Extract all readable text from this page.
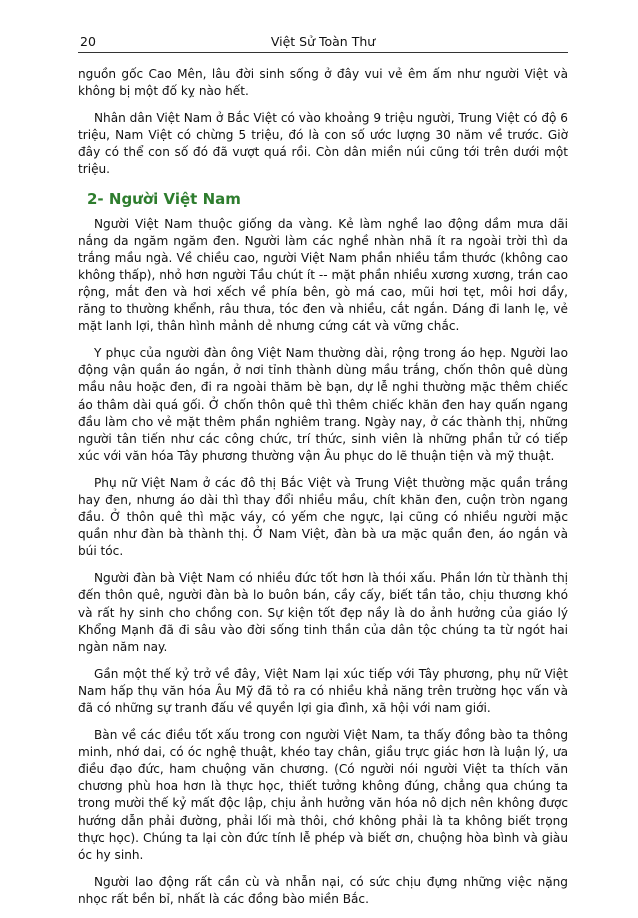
20	Việt Sử Toàn Thư

nguồn gốc Cao Mên, lâu đời sinh sống ở đây vui vẻ êm ấm như người Việt và không bị một đố kỵ nào hết.

Nhân dân Việt Nam ở Bắc Việt có vào khoảng 9 triệu người, Trung Việt có độ 6 triệu, Nam Việt có chừng 5 triệu, đó là con số ước lượng 30 năm về trước. Giờ đây có thể con số đó đã vượt quá rồi. Còn dân miền núi cũng tới trên dưới một triệu.

2- Người Việt Nam

Người Việt Nam thuộc giống da vàng. Kẻ làm nghề lao động dầm mưa dãi nắng da ngăm ngăm đen. Người làm các nghề nhàn nhã ít ra ngoài trời thì da trắng mầu ngà. Về chiều cao, người Việt Nam phần nhiều tầm thước (không cao không thấp), nhỏ hơn người Tầu chút ít -- mặt phần nhiều xương xương, trán cao rộng, mắt đen và hơi xếch về phía bên, gò má cao, mũi hơi tẹt, môi hơi dầy, răng to thường khểnh, râu thưa, tóc đen và nhiều, cắt ngắn. Dáng đi lanh lẹ, vẻ mặt lanh lợi, thân hình mảnh dẻ nhưng cứng cát và vững chắc.

Y phục của người đàn ông Việt Nam thường dài, rộng trong áo hẹp. Người lao động vận quần áo ngắn, ở nơi tỉnh thành dùng mầu trắng, chốn thôn quê dùng mầu nâu hoặc đen, đi ra ngoài thăm bè bạn, dự lễ nghi thường mặc thêm chiếc áo thâm dài quá gối. Ở chốn thôn quê thì thêm chiếc khăn đen hay quấn ngang đầu làm cho vẻ mặt thêm phần nghiêm trang. Ngày nay, ở các thành thị, những người tân tiến như các công chức, trí thức, sinh viên là những phần tử có tiếp xúc với văn hóa Tây phương thường vận Âu phục do lẽ thuận tiện và mỹ thuật.

Phụ nữ Việt Nam ở các đô thị Bắc Việt và Trung Việt thường mặc quần trắng hay đen, nhưng áo dài thì thay đổi nhiều mầu, chít khăn đen, cuộn tròn ngang đầu. Ở thôn quê thì mặc váy, có yếm che ngực, lại cũng có nhiều người mặc quần như đàn bà thành thị. Ở Nam Việt, đàn bà ưa mặc quần đen, áo ngắn và búi tóc.

Người đàn bà Việt Nam có nhiều đức tốt hơn là thói xấu. Phần lớn từ thành thị đến thôn quê, người đàn bà lo buôn bán, cầy cấy, biết tần tảo, chịu thương khó và rất hy sinh cho chồng con. Sự kiện tốt đẹp nầy là do ảnh hưởng của giáo lý Khổng Mạnh đã đi sâu vào đời sống tinh thần của dân tộc chúng ta từ ngót hai ngàn năm nay.

Gần một thế kỷ trở về đây, Việt Nam lại xúc tiếp với Tây phương, phụ nữ Việt Nam hấp thụ văn hóa Âu Mỹ đã tỏ ra có nhiều khả năng trên trường học vấn và đã có những sự tranh đấu về quyền lợi gia đình, xã hội với nam giới.

Bàn về các điều tốt xấu trong con người Việt Nam, ta thấy đồng bào ta thông minh, nhớ dai, có óc nghệ thuật, khéo tay chân, giầu trực giác hơn là luận lý, ưa điều đạo đức, ham chuộng văn chương. (Có người nói người Việt ta thích văn chương phù hoa hơn là thực học, thiết tưởng không đúng, chẳng qua chúng ta trong mười thế kỷ mất độc lập, chịu ảnh hưởng văn hóa nô dịch nên không được hướng dẫn phải đường, phải lối mà thôi, chớ không phải là ta không biết trọng thực học). Chúng ta lại còn đức tính lễ phép và biết ơn, chuộng hòa bình và giàu óc hy sinh.

Người lao động rất cần cù và nhẫn nại, có sức chịu đựng những việc nặng nhọc rất bền bỉ, nhất là các đồng bào miền Bắc.
